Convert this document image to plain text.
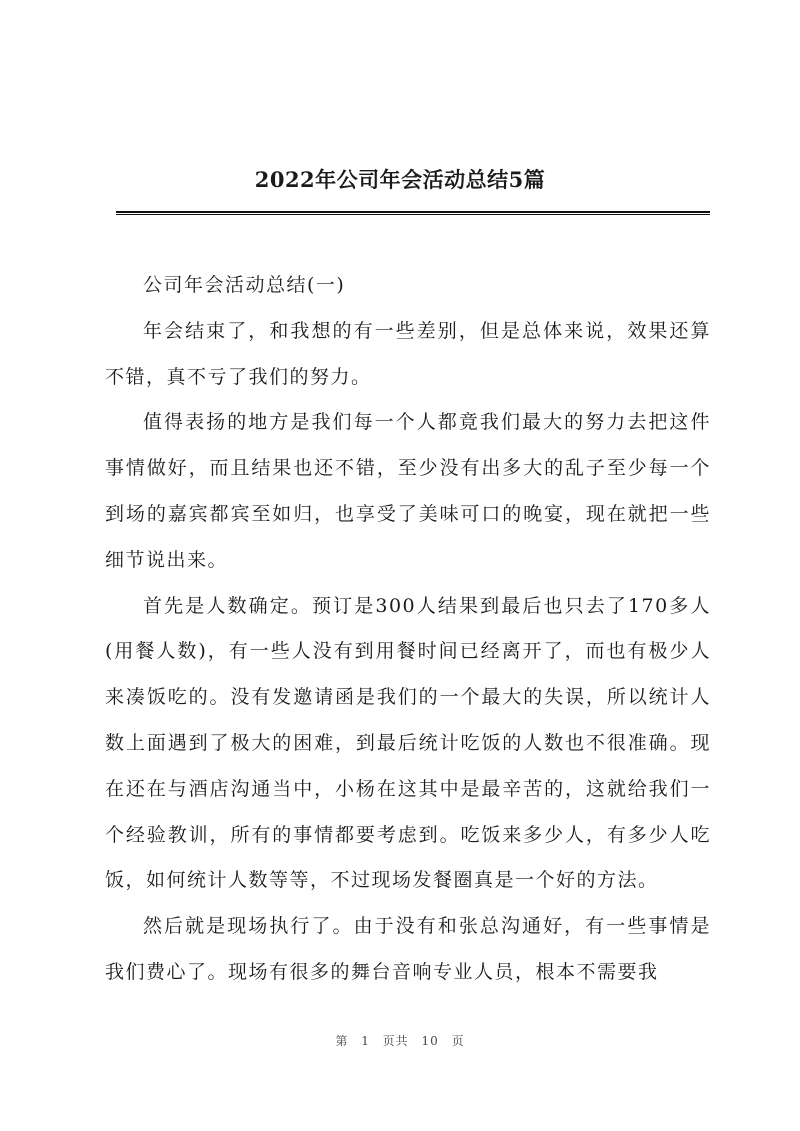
2022年公司年会活动总结5篇

公司年会活动总结(一)

年会结束了，和我想的有一些差别，但是总体来说，效果还算不错，真不亏了我们的努力。

值得表扬的地方是我们每一个人都竟我们最大的努力去把这件事情做好，而且结果也还不错，至少没有出多大的乱子至少每一个到场的嘉宾都宾至如归，也享受了美味可口的晚宴，现在就把一些细节说出来。

首先是人数确定。预订是300人结果到最后也只去了170多人(用餐人数)，有一些人没有到用餐时间已经离开了，而也有极少人来凑饭吃的。没有发邀请函是我们的一个最大的失误，所以统计人数上面遇到了极大的困难，到最后统计吃饭的人数也不很准确。现在还在与酒店沟通当中，小杨在这其中是最辛苦的，这就给我们一个经验教训，所有的事情都要考虑到。吃饭来多少人，有多少人吃饭，如何统计人数等等，不过现场发餐圈真是一个好的方法。

然后就是现场执行了。由于没有和张总沟通好，有一些事情是我们费心了。现场有很多的舞台音响专业人员，根本不需要我

第 1 页共 10 页
